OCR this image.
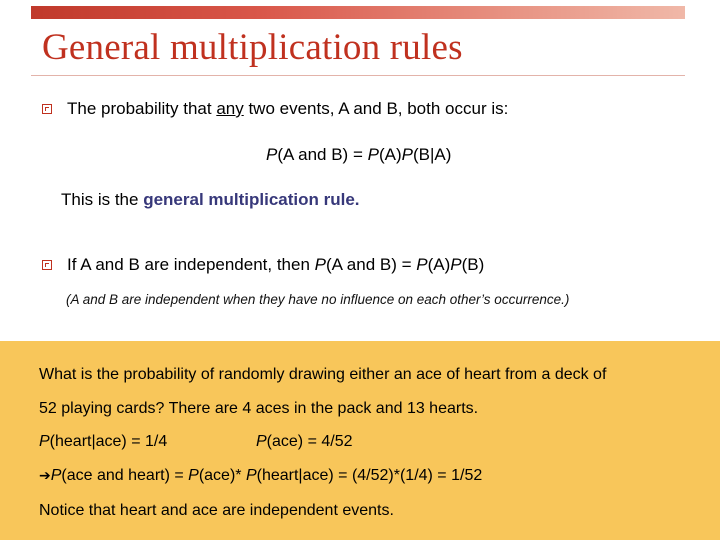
General multiplication rules
The probability that any two events, A and B, both occur is:
P(A and B) = P(A)P(B|A)
This is the general multiplication rule.
If A and B are independent, then P(A and B) = P(A)P(B)
(A and B are independent when they have no influence on each other’s occurrence.)
What is the probability of randomly drawing either an ace of heart from a deck of
52 playing cards? There are 4 aces in the pack and 13 hearts.
P(heart|ace) = 1/4	P(ace) = 4/52
➔P(ace and heart) = P(ace)* P(heart|ace) = (4/52)*(1/4) = 1/52
Notice that heart and ace are independent events.
